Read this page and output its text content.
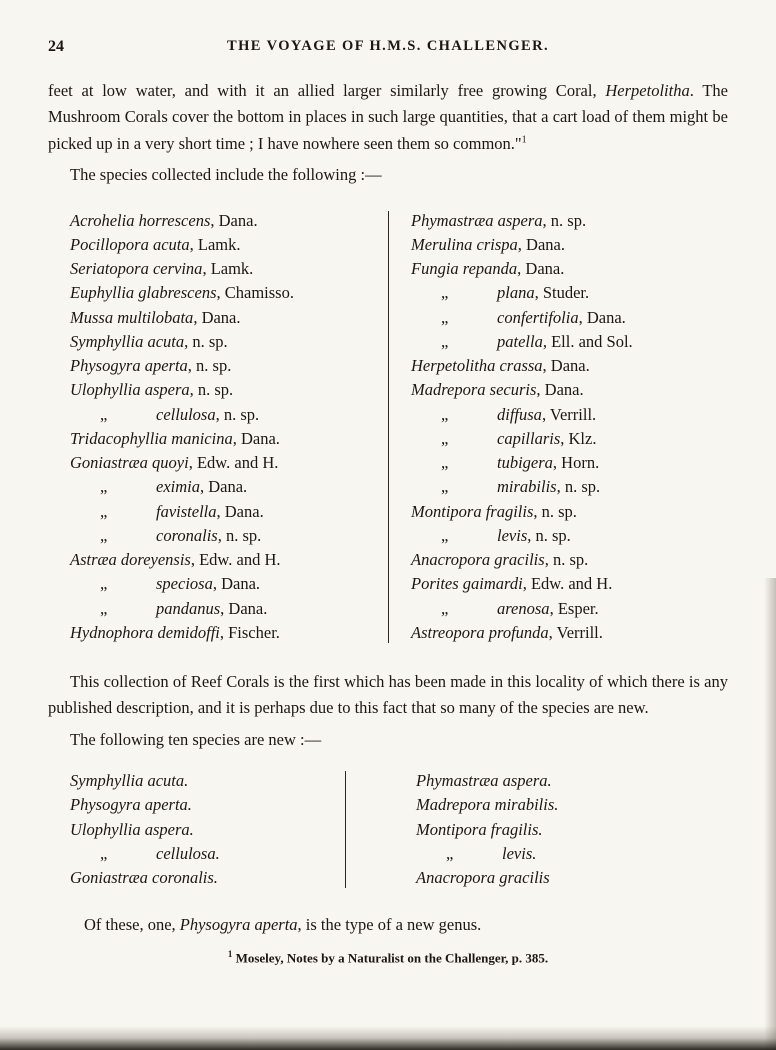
24	THE VOYAGE OF H.M.S. CHALLENGER.

feet at low water, and with it an allied larger similarly free growing Coral, Herpetolitha. The Mushroom Corals cover the bottom in places in such large quantities, that a cart load of them might be picked up in a very short time ; I have nowhere seen them so common."$^1$

The species collected include the following :—

Acrohelia horrescens, Dana.
Pocillopora acuta, Lamk.
Seriatopora cervina, Lamk.
Euphyllia glabrescens, Chamisso.
Mussa multilobata, Dana.
Symphyllia acuta, n. sp.
Physogyra aperta, n. sp.
Ulophyllia aspera, n. sp.
„	cellulosa, n. sp.
Tridacophyllia manicina, Dana.
Goniastræa quoyi, Edw. and H.
„	eximia, Dana.
„	favistella, Dana.
„	coronalis, n. sp.
Astræa doreyensis, Edw. and H.
„	speciosa, Dana.
„	pandanus, Dana.
Hydnophora demidoffi, Fischer.
Phymastræa aspera, n. sp.
Merulina crispa, Dana.
Fungia repanda, Dana.
„	plana, Studer.
„	confertifolia, Dana.
„	patella, Ell. and Sol.
Herpetolitha crassa, Dana.
Madrepora securis, Dana.
„	diffusa, Verrill.
„	capillaris, Klz.
„	tubigera, Horn.
„	mirabilis, n. sp.
Montipora fragilis, n. sp.
„	levis, n. sp.
Anacropora gracilis, n. sp.
Porites gaimardi, Edw. and H.
„	arenosa, Esper.
Astreopora profunda, Verrill.

This collection of Reef Corals is the first which has been made in this locality of which there is any published description, and it is perhaps due to this fact that so many of the species are new.

The following ten species are new :—

Symphyllia acuta.
Physogyra aperta.
Ulophyllia aspera.
„	cellulosa.
Goniastræa coronalis.
Phymastræa aspera.
Madrepora mirabilis.
Montipora fragilis.
„	levis.
Anacropora gracilis

Of these, one, Physogyra aperta, is the type of a new genus.

$^1$ Moseley, Notes by a Naturalist on the Challenger, p. 385.
